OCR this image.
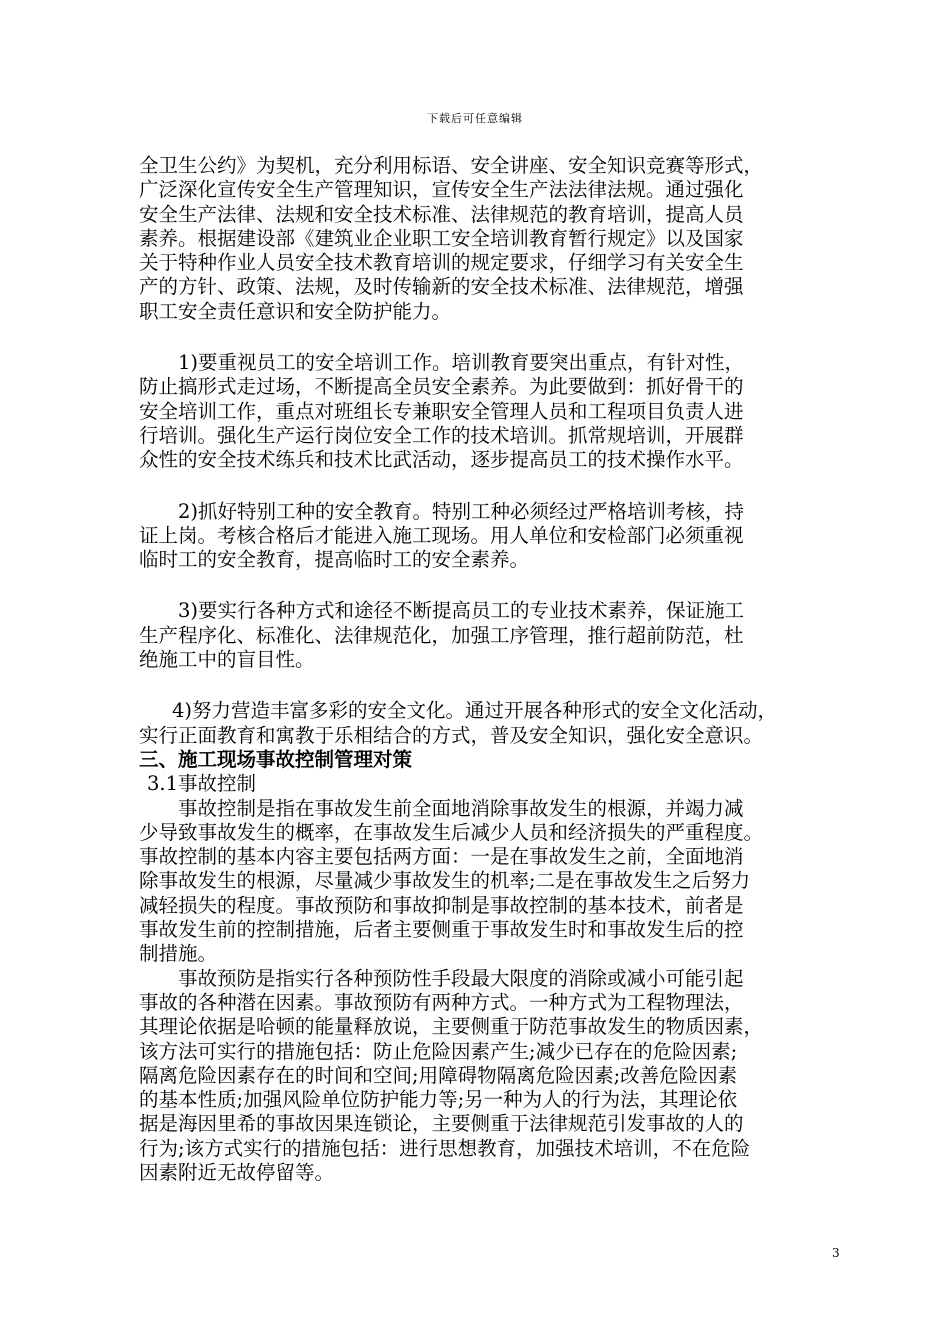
下载后可任意编辑
全卫生公约》为契机，充分利用标语、安全讲座、安全知识竞赛等形式，
广泛深化宣传安全生产管理知识，宣传安全生产法法律法规。通过强化
安全生产法律、法规和安全技术标准、法律规范的教育培训，提高人员
素养。根据建设部《建筑业企业职工安全培训教育暂行规定》以及国家
关于特种作业人员安全技术教育培训的规定要求，仔细学习有关安全生
产的方针、政策、法规，及时传输新的安全技术标准、法律规范，增强
职工安全责任意识和安全防护能力。
1)要重视员工的安全培训工作。培训教育要突出重点，有针对性，
防止搞形式走过场，不断提高全员安全素养。为此要做到：抓好骨干的
安全培训工作，重点对班组长专兼职安全管理人员和工程项目负责人进
行培训。强化生产运行岗位安全工作的技术培训。抓常规培训，开展群
众性的安全技术练兵和技术比武活动，逐步提高员工的技术操作水平。
2)抓好特别工种的安全教育。特别工种必须经过严格培训考核，持
证上岗。考核合格后才能进入施工现场。用人单位和安检部门必须重视
临时工的安全教育，提高临时工的安全素养。
3)要实行各种方式和途径不断提高员工的专业技术素养，保证施工
生产程序化、标准化、法律规范化，加强工序管理，推行超前防范，杜
绝施工中的盲目性。
4)努力营造丰富多彩的安全文化。通过开展各种形式的安全文化活动，
实行正面教育和寓教于乐相结合的方式，普及安全知识，强化安全意识。
三、施工现场事故控制管理对策
3.1事故控制
事故控制是指在事故发生前全面地消除事故发生的根源，并竭力减
少导致事故发生的概率，在事故发生后减少人员和经济损失的严重程度。
事故控制的基本内容主要包括两方面：一是在事故发生之前，全面地消
除事故发生的根源，尽量减少事故发生的机率;二是在事故发生之后努力
减轻损失的程度。事故预防和事故抑制是事故控制的基本技术，前者是
事故发生前的控制措施，后者主要侧重于事故发生时和事故发生后的控
制措施。
事故预防是指实行各种预防性手段最大限度的消除或减小可能引起
事故的各种潜在因素。事故预防有两种方式。一种方式为工程物理法，
其理论依据是哈顿的能量释放说，主要侧重于防范事故发生的物质因素，
该方法可实行的措施包括：防止危险因素产生;减少已存在的危险因素;
隔离危险因素存在的时间和空间;用障碍物隔离危险因素;改善危险因素
的基本性质;加强风险单位防护能力等;另一种为人的行为法，其理论依
据是海因里希的事故因果连锁论，主要侧重于法律规范引发事故的人的
行为;该方式实行的措施包括：进行思想教育，加强技术培训，不在危险
因素附近无故停留等。
3
